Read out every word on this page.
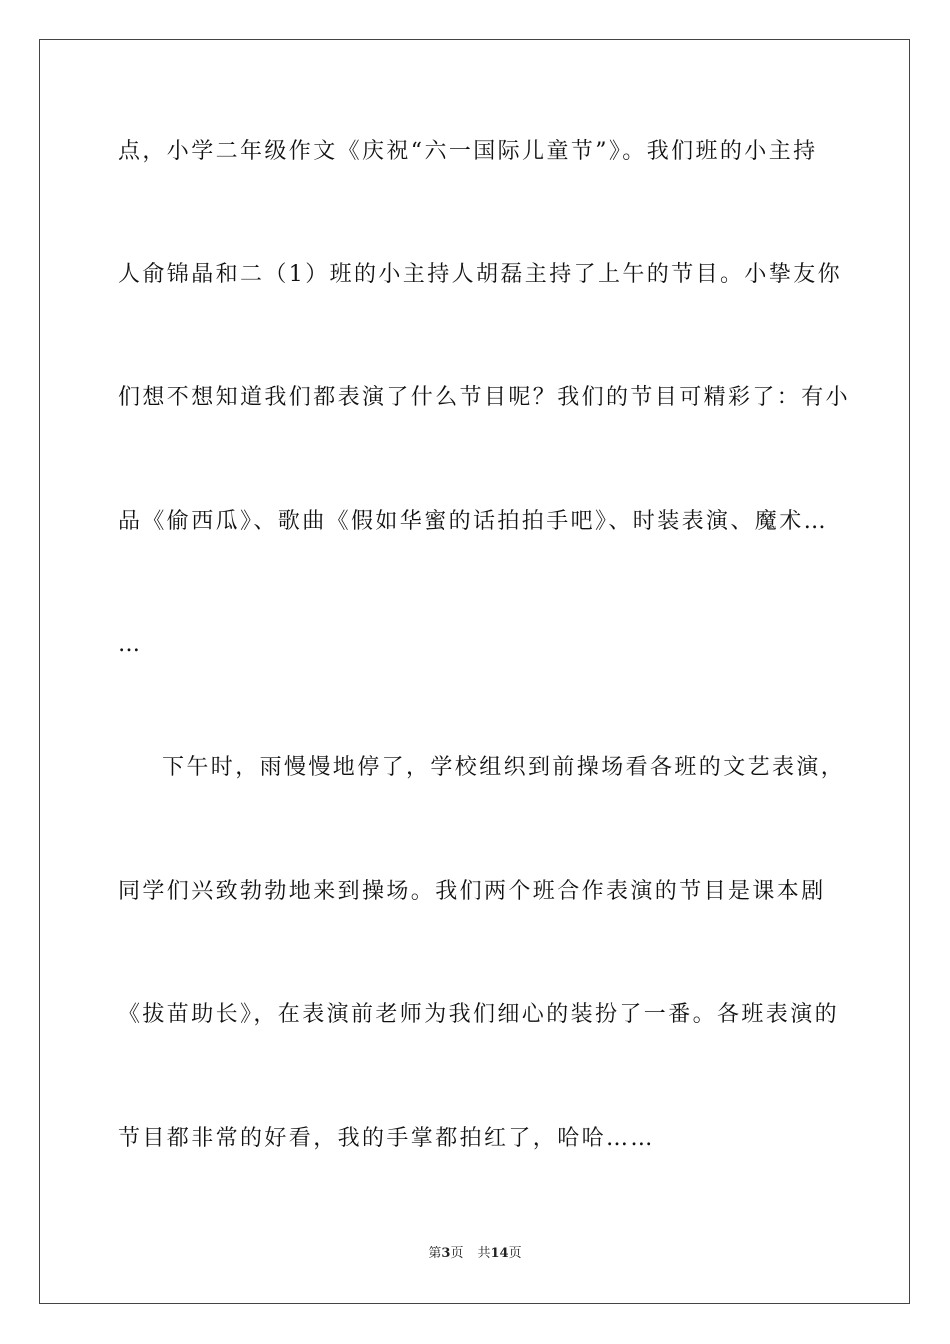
点，小学二年级作文《庆祝“六一国际儿童节”》。我们班的小主持

人俞锦晶和二（1）班的小主持人胡磊主持了上午的节目。小挚友你

们想不想知道我们都表演了什么节目呢？我们的节目可精彩了：有小

品《偷西瓜》、歌曲《假如华蜜的话拍拍手吧》、时装表演、魔术…

…

下午时，雨慢慢地停了，学校组织到前操场看各班的文艺表演，

同学们兴致勃勃地来到操场。我们两个班合作表演的节目是课本剧

《拔苗助长》，在表演前老师为我们细心的装扮了一番。各班表演的

节目都非常的好看，我的手掌都拍红了，哈哈……

第3页 共14页
